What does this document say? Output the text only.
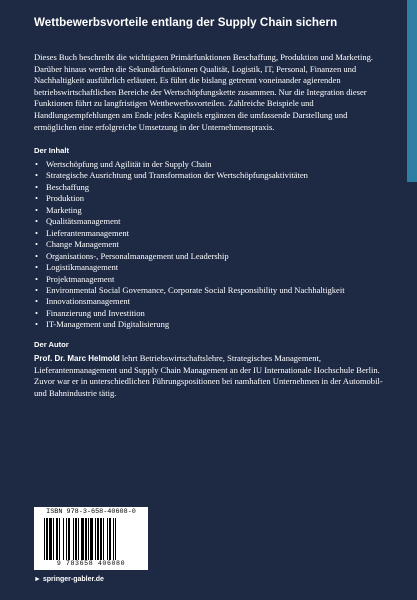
Wettbewerbsvorteile entlang der Supply Chain sichern

Dieses Buch beschreibt die wichtigsten Primärfunktionen Beschaffung, Produktion und Marketing. Darüber hinaus werden die Sekundärfunktionen Qualität, Logistik, IT, Personal, Finanzen und Nachhaltigkeit ausführlich erläutert. Es führt die bislang getrennt voneinander agierenden betriebswirtschaftlichen Bereiche der Wertschöpfungskette zusammen. Nur die Integration dieser Funktionen führt zu langfristigen Wettbewerbsvorteilen. Zahlreiche Beispiele und Handlungsempfehlungen am Ende jedes Kapitels ergänzen die umfassende Darstellung und ermöglichen eine erfolgreiche Umsetzung in der Unternehmenspraxis.

Der Inhalt
• Wertschöpfung und Agilität in der Supply Chain
• Strategische Ausrichtung und Transformation der Wertschöpfungsaktivitäten
• Beschaffung
• Produktion
• Marketing
• Qualitätsmanagement
• Lieferantenmanagement
• Change Management
• Organisations-, Personalmanagement und Leadership
• Logistikmanagement
• Projektmanagement
• Environmental Social Governance, Corporate Social Responsibility und Nachhaltigkeit
• Innovationsmanagement
• Finanzierung und Investition
• IT-Management und Digitalisierung
Der Autor

Prof. Dr. Marc Helmold lehrt Betriebswirtschaftslehre, Strategisches Management, Lieferantenmanagement und Supply Chain Management an der IU Internationale Hochschule Berlin. Zuvor war er in unterschiedlichen Führungspositionen bei namhaften Unternehmen in der Automobil- und Bahnindustrie tätig.

ISBN 978-3-658-40608-0
9 783658 406080

► springer-gabler.de
